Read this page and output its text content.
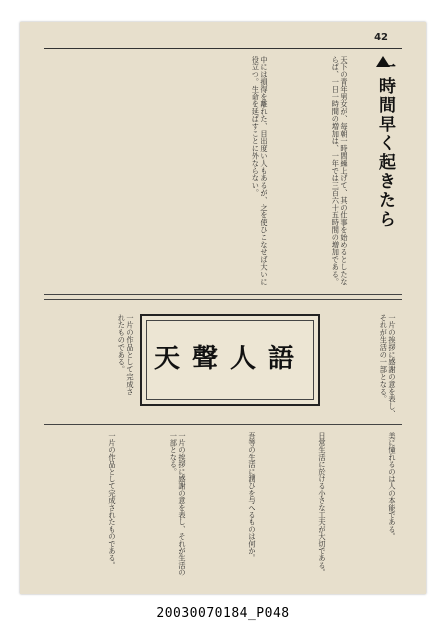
42
一時間早く起きたら
天下の青年男女が、毎朝一時間繰上げて、其の仕事を始めるとしたならば、一日一時間の増加は、一年では三百六十五時間の増加である。
中には損得を離れた、目出度い人もあるが、之を使ひこなせば大いに役立つ。生命を延ばすことに外ならない。
一片の挨拶に感謝の意を表し、それが生活の一部となる。
天聲人語
一片の作品として完成されたものである。
美に憧れるのは人の本能である。
日常生活に於ける小さな工夫が大切である。
吾等の生活に潤ひを与へるものは何か。
一片の挨拶に感謝の意を表し、それが生活の一部となる。
一片の作品として完成されたものである。
20030070184_P048
